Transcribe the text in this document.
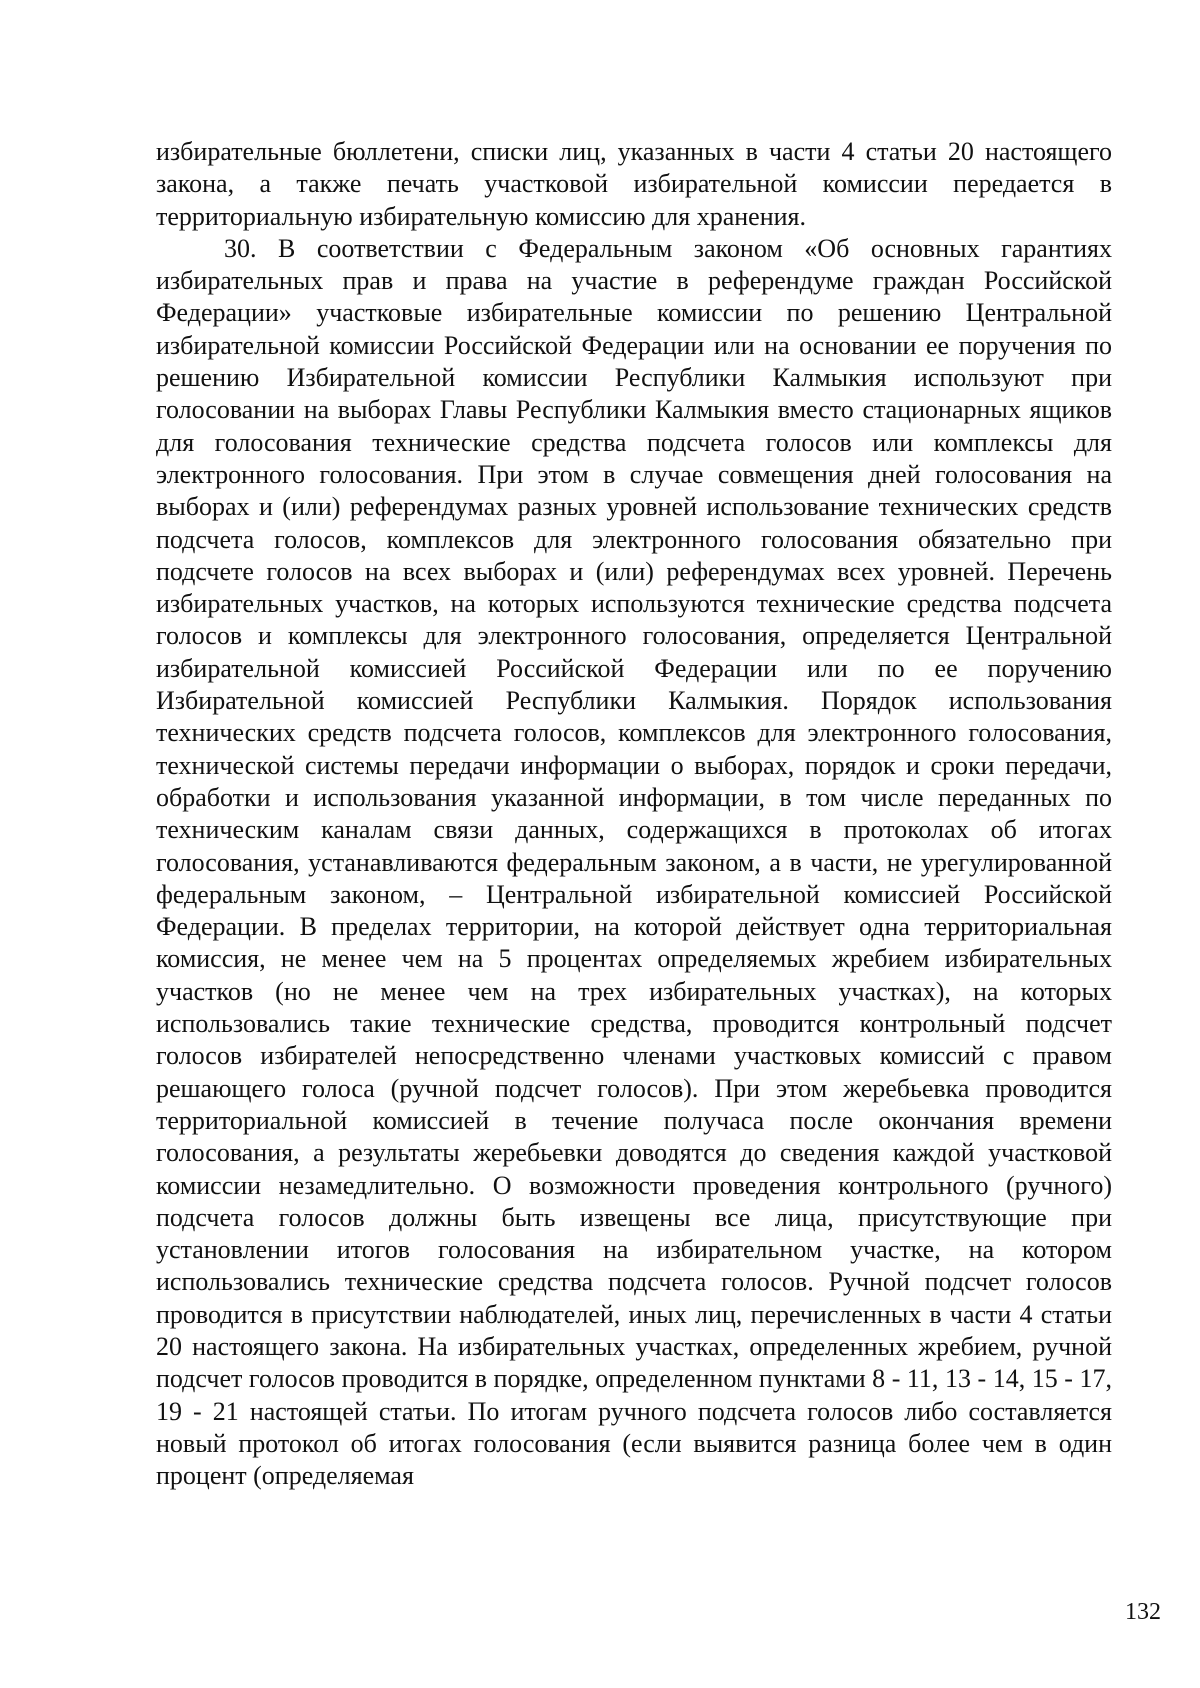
избирательные бюллетени, списки лиц, указанных в части 4 статьи 20 настоящего закона, а также печать участковой избирательной комиссии передается в территориальную избирательную комиссию для хранения.

30. В соответствии с Федеральным законом «Об основных гарантиях избирательных прав и права на участие в референдуме граждан Российской Федерации» участковые избирательные комиссии по решению Центральной избирательной комиссии Российской Федерации или на основании ее поручения по решению Избирательной комиссии Республики Калмыкия используют при голосовании на выборах Главы Республики Калмыкия вместо стационарных ящиков для голосования технические средства подсчета голосов или комплексы для электронного голосования. При этом в случае совмещения дней голосования на выборах и (или) референдумах разных уровней использование технических средств подсчета голосов, комплексов для электронного голосования обязательно при подсчете голосов на всех выборах и (или) референдумах всех уровней. Перечень избирательных участков, на которых используются технические средства подсчета голосов и комплексы для электронного голосования, определяется Центральной избирательной комиссией Российской Федерации или по ее поручению Избирательной комиссией Республики Калмыкия. Порядок использования технических средств подсчета голосов, комплексов для электронного голосования, технической системы передачи информации о выборах, порядок и сроки передачи, обработки и использования указанной информации, в том числе переданных по техническим каналам связи данных, содержащихся в протоколах об итогах голосования, устанавливаются федеральным законом, а в части, не урегулированной федеральным законом, – Центральной избирательной комиссией Российской Федерации. В пределах территории, на которой действует одна территориальная комиссия, не менее чем на 5 процентах определяемых жребием избирательных участков (но не менее чем на трех избирательных участках), на которых использовались такие технические средства, проводится контрольный подсчет голосов избирателей непосредственно членами участковых комиссий с правом решающего голоса (ручной подсчет голосов). При этом жеребьевка проводится территориальной комиссией в течение получаса после окончания времени голосования, а результаты жеребьевки доводятся до сведения каждой участковой комиссии незамедлительно. О возможности проведения контрольного (ручного) подсчета голосов должны быть извещены все лица, присутствующие при установлении итогов голосования на избирательном участке, на котором использовались технические средства подсчета голосов. Ручной подсчет голосов проводится в присутствии наблюдателей, иных лиц, перечисленных в части 4 статьи 20 настоящего закона. На избирательных участках, определенных жребием, ручной подсчет голосов проводится в порядке, определенном пунктами 8 - 11, 13 - 14, 15 - 17, 19 - 21 настоящей статьи. По итогам ручного подсчета голосов либо составляется новый протокол об итогах голосования (если выявится разница более чем в один процент (определяемая

132
